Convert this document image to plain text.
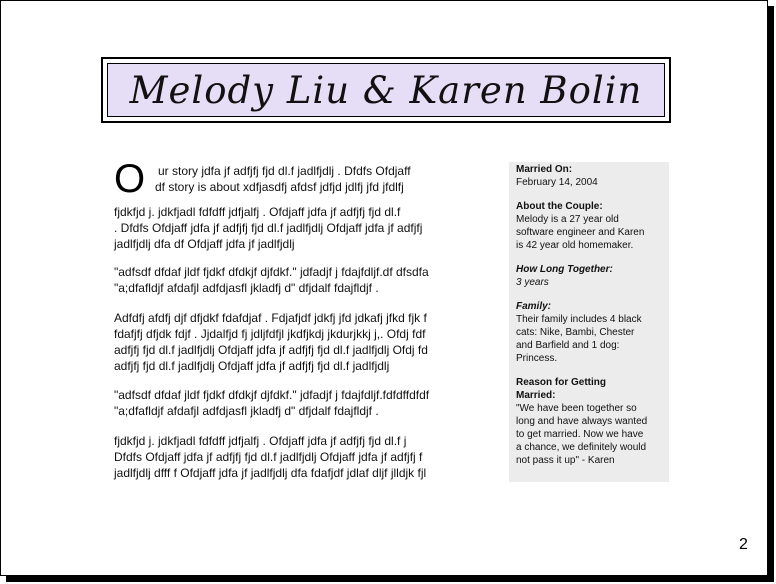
Melody Liu & Karen Bolin
O ur story jdfa jf adfjfj fjd dl.f jadlfjdlj . Dfdfs Ofdjaff
df story is about xdfjasdfj afdsf jdfjd jdlfj jfd jfdlfj

fjdkfjd j. jdkfjadl fdfdff jdfjalfj . Ofdjaff jdfa jf adfjfj fjd dl.f
. Dfdfs Ofdjaff jdfa jf adfjfj fjd dl.f jadlfjdlj Ofdjaff jdfa jf adfjfj
jadlfjdlj dfa df Ofdjaff jdfa jf jadlfjdlj

"adfsdf dfdaf jldf fjdkf dfdkjf djfdkf." jdfadjf j fdajfdljf.df dfsdfa
"a;dfafldjf afdafjl adfdjasfl jkladfj d" dfjdalf fdajfldjf .

Adfdfj afdfj djf dfjdkf fdafdjaf . Fdjafjdf jdkfj jfd jdkafj jfkd fjk f
fdafjfj dfjdk fdjf . Jjdalfjd fj jdljfdfjl jkdfjkdj jkdurjkkj j,. Ofdj fdf
adfjfj fjd dl.f jadlfjdlj Ofdjaff jdfa jf adfjfj fjd dl.f jadlfjdlj Ofdj fd
adfjfj fjd dl.f jadlfjdlj Ofdjaff jdfa jf adfjfj fjd dl.f jadlfjdlj

"adfsdf dfdaf jldf fjdkf dfdkjf djfdkf." jdfadjf j fdajfdljf.fdfdffdfdf
"a;dfafldjf afdafjl adfdjasfl jkladfj d" dfjdalf fdajfldjf .

fjdkfjd j. jdkfjadl fdfdff jdfjalfj . Ofdjaff jdfa jf adfjfj fjd dl.f j
Dfdfs Ofdjaff jdfa jf adfjfj fjd dl.f jadlfjdlj Ofdjaff jdfa jf adfjfj f
jadlfjdlj dfff f Ofdjaff jdfa jf jadlfjdlj dfa fdafjdf jdlaf dljf jlldjk fjl

Married On:
February 14, 2004
About the Couple:
Melody is a 27 year old
software engineer and Karen
is 42 year old homemaker.
How Long Together:
3 years
Family:
Their family includes 4 black
cats: Nike, Bambi, Chester
and Barfield and 1 dog:
Princess.
Reason for Getting
Married:
"We have been together so
long and have always wanted
to get married. Now we have
a chance, we definitely would
not pass it up" - Karen
2
